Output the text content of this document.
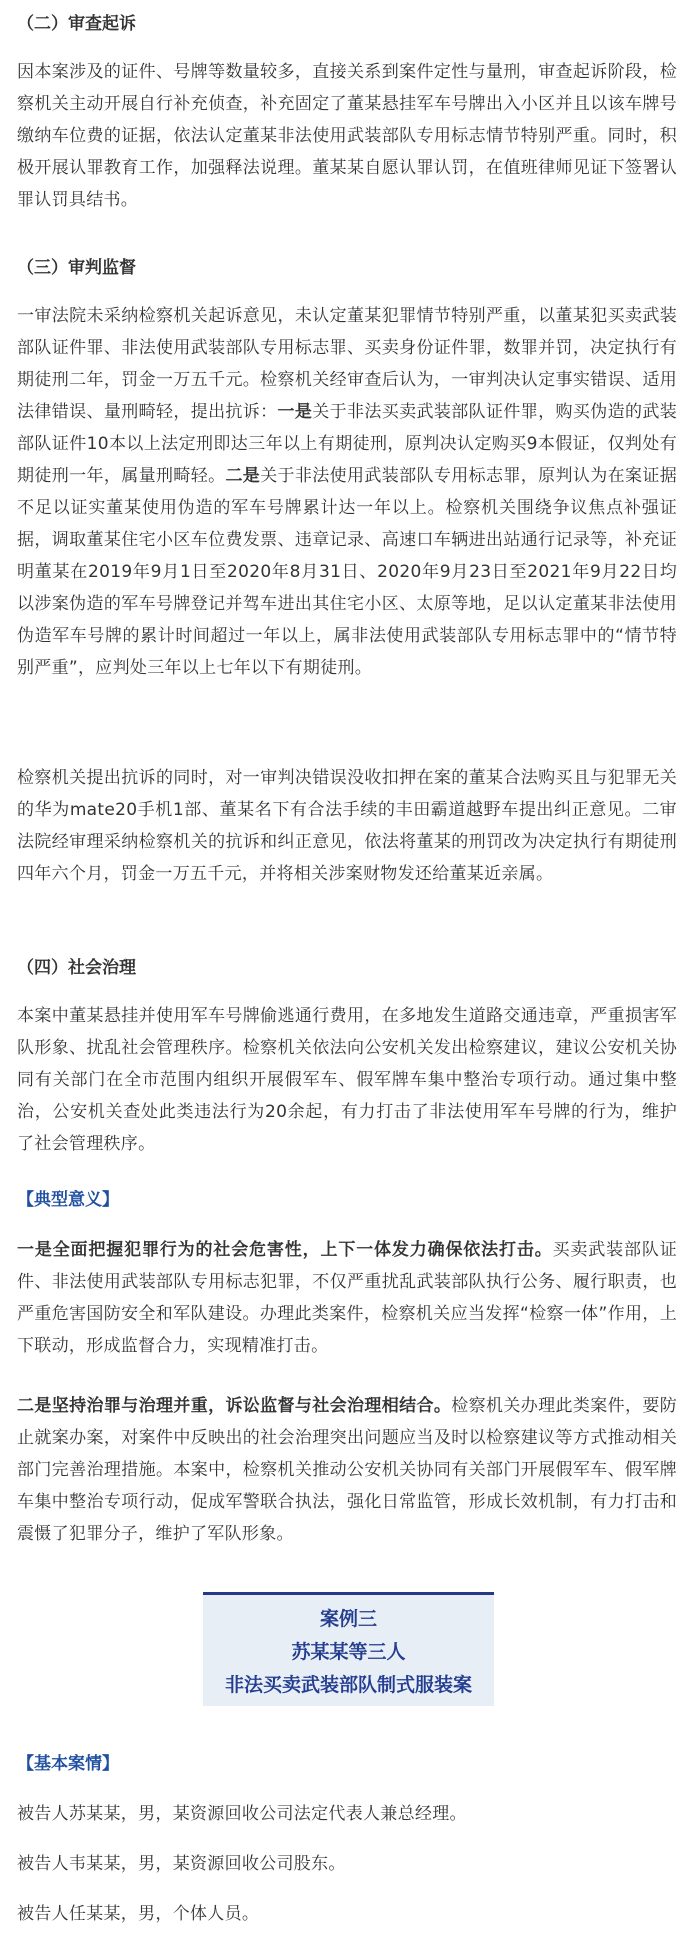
（二）审查起诉

因本案涉及的证件、号牌等数量较多，直接关系到案件定性与量刑，审查起诉阶段，检察机关主动开展自行补充侦查，补充固定了董某悬挂军车号牌出入小区并且以该车牌号缴纳车位费的证据，依法认定董某非法使用武装部队专用标志情节特别严重。同时，积极开展认罪教育工作，加强释法说理。董某某自愿认罪认罚，在值班律师见证下签署认罪认罚具结书。

（三）审判监督

一审法院未采纳检察机关起诉意见，未认定董某犯罪情节特别严重，以董某犯买卖武装部队证件罪、非法使用武装部队专用标志罪、买卖身份证件罪，数罪并罚，决定执行有期徒刑二年，罚金一万五千元。检察机关经审查后认为，一审判决认定事实错误、适用法律错误、量刑畸轻，提出抗诉：一是关于非法买卖武装部队证件罪，购买伪造的武装部队证件10本以上法定刑即达三年以上有期徒刑，原判决认定购买9本假证，仅判处有期徒刑一年，属量刑畸轻。二是关于非法使用武装部队专用标志罪，原判认为在案证据不足以证实董某使用伪造的军车号牌累计达一年以上。检察机关围绕争议焦点补强证据，调取董某住宅小区车位费发票、违章记录、高速口车辆进出站通行记录等，补充证明董某在2019年9月1日至2020年8月31日、2020年9月23日至2021年9月22日均以涉案伪造的军车号牌登记并驾车进出其住宅小区、太原等地，足以认定董某非法使用伪造军车号牌的累计时间超过一年以上，属非法使用武装部队专用标志罪中的“情节特别严重”，应判处三年以上七年以下有期徒刑。

检察机关提出抗诉的同时，对一审判决错误没收扣押在案的董某合法购买且与犯罪无关的华为mate20手机1部、董某名下有合法手续的丰田霸道越野车提出纠正意见。二审法院经审理采纳检察机关的抗诉和纠正意见，依法将董某的刑罚改为决定执行有期徒刑四年六个月，罚金一万五千元，并将相关涉案财物发还给董某近亲属。

（四）社会治理

本案中董某悬挂并使用军车号牌偷逃通行费用，在多地发生道路交通违章，严重损害军队形象、扰乱社会管理秩序。检察机关依法向公安机关发出检察建议，建议公安机关协同有关部门在全市范围内组织开展假军车、假军牌车集中整治专项行动。通过集中整治，公安机关查处此类违法行为20余起，有力打击了非法使用军车号牌的行为，维护了社会管理秩序。

【典型意义】

一是全面把握犯罪行为的社会危害性，上下一体发力确保依法打击。买卖武装部队证件、非法使用武装部队专用标志犯罪，不仅严重扰乱武装部队执行公务、履行职责，也严重危害国防安全和军队建设。办理此类案件，检察机关应当发挥“检察一体”作用，上下联动，形成监督合力，实现精准打击。

二是坚持治罪与治理并重，诉讼监督与社会治理相结合。检察机关办理此类案件，要防止就案办案，对案件中反映出的社会治理突出问题应当及时以检察建议等方式推动相关部门完善治理措施。本案中，检察机关推动公安机关协同有关部门开展假军车、假军牌车集中整治专项行动，促成军警联合执法，强化日常监管，形成长效机制，有力打击和震慑了犯罪分子，维护了军队形象。

案例三
苏某某等三人
非法买卖武装部队制式服装案
【基本案情】

被告人苏某某，男，某资源回收公司法定代表人兼总经理。

被告人韦某某，男，某资源回收公司股东。

被告人任某某，男，个体人员。
